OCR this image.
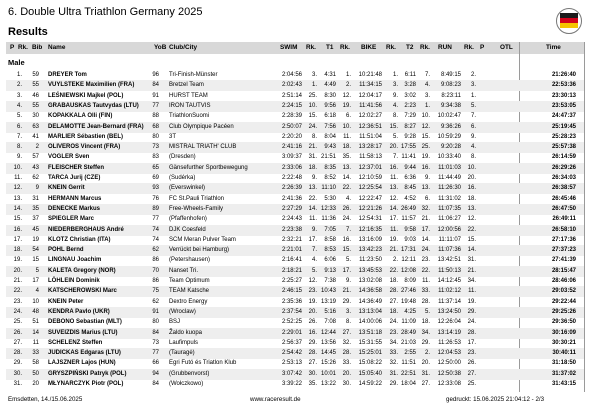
6. Double Ultra Triathlon Germany 2025
Results
P Rk. Bib Name	YoB Club/City	SWIM Rk. T1 Rk. BIKE Rk. T2 Rk. RUN Rk. P OTL	Time
Male
1. 59 DREYER Tom	96 Tri-Finish-Münster	2:04:56 3. 4:31 1. 10:21:48 1. 6:11 7. 8:49:15 2.	21:26:40
2. 55 VUYLSTEKE Maximilien (FRA)	84 Bretzel Team	2:02:43 1. 4:49 2. 11:34:15 3. 3:28 4. 9:08:23 3.	22:53:36
3. 46 LEŚNIEWSKI Majkel (POL)	91 HURST TEAM	2:51:14 25. 8:30 12. 12:04:17 9. 3:02 3. 8:23:11 1.	23:30:13
4. 55 GRABAUSKAS Tautvydas (LTU) 77 IRON TAUTVIS	2:24:15 10. 9:56 19. 11:41:56 4. 2:23 1. 9:34:38 5.	23:53:05
5. 30 KOPAKKALA Olli (FIN)	88 TriathlonSuomi	2:28:39 15. 6:18 6. 12:02:27 8. 7:29 10. 10:02:47 7.	24:47:37
6. 63 DELAMOTTE Jean-Bernard (FRA) 68 Club Olympique Pacéen	2:50:07 24. 7:56 10. 12:36:51 15. 8:27 12. 9:36:26 6.	25:19:45
7. 41 MARLIER Sébastien (BEL)	80 3T	2:20:20 8. 8:04 11. 11:51:04 5. 9:28 15. 10:59:29 9.	25:28:23
8. 2 OLIVEROS Vincent (FRA)	73 MISTRAL TRIATH' CLUB	2:41:16 21. 9:43 18. 13:28:17 20. 17:55 25. 9:20:28 4.	25:57:38
9. 57 VOGLER Sven	83 (Dresden)	3:09:37 31. 21:51 35. 11:58:13 7. 11:41 19. 10:33:40 8.	26:14:59
10. 43 FLEISCHER Steffen	65 Gänsefurther Sportbewegung	2:33:06 18. 8:35 13. 12:37:01 16. 9:44 16. 11:01:03 10.	26:29:26
11. 62 TARCA Jurij (CZE)	69 (Sudérka)	2:22:48 9. 8:52 14. 12:10:59 11. 6:36 9. 11:44:49 20.	26:34:03
12. 9 KNEIN Gerrit	93 (Everswinkel)	2:26:39 13. 11:10 22. 12:25:54 13. 8:45 13. 11:26:30 16.	26:38:57
13. 31 HERMANN Marcus	76 FC St.Pauli Triathlon	2:41:36 22. 5:30 4. 12:22:47 12. 4:52 6. 11:31:02 18.	26:45:46
14. 35 DENECKE Markus	89 Free-Wheels-Family	2:27:29 14. 12:33 26. 12:21:26 14. 26:49 32. 11:07:35 13.	26:47:50
15. 37 SPIEGLER Marc	77 (Pfaffenhofen)	2:24:43 11. 11:36 24. 12:54:31 17. 11:57 21. 11:06:27 12.	26:49:11
16. 45 NIEDERBERGHAUS André	74 DJK Coesfeld	2:23:38 9. 7:05 7. 12:16:35 11. 9:58 17. 12:00:56 22.	26:58:10
17. 19 KLOTZ Christian (ITA)	74 SCM Meran Pulver Team	2:32:21 17. 8:58 16. 13:16:09 19. 9:03 14. 11:11:07 15.	27:17:36
18. 54 POHL Bernd	62 Verrückt bei Hamburg)	2:21:01 7. 8:53 15. 13:42:23 21. 17:31 24. 11:07:36 14.	27:37:23
19. 15 LINGNAU Joachim	86 (Petershausen)	2:16:41 4. 6:06 5. 11:23:50 2. 12:11 23. 13:42:51 31.	27:41:39
20. 5 KALETA Gregory (NOR)	70 Nanset Tri.	2:18:21 5. 9:13 17. 13:45:53 22. 12:08 22. 11:50:13 21.	28:15:47
21. 17 LÖHLEIN Dominik	86 Team Optimum	2:25:27 12. 7:38 9. 13:02:08 18. 8:09 11. 14:12:45 34.	28:46:06
22. 4 KATSCHEROWSKI Marc	75 TEAM Katsche	2:46:15 23. 10:43 21. 14:36:58 28. 27:46 33. 11:02:12 11.	29:03:52
23. 10 KNEIN Peter	62 Dextro Energy	2:35:36 19. 13:19 29. 14:36:49 27. 19:48 28. 11:37:14 19.	29:22:44
24. 48 KENDRA Pavlo (UKR)	91 (Wroclaw)	2:37:54 20. 5:16 3. 13:13:04 18. 4:25 5. 13:24:50 29.	29:25:26
25. 51 DEBONO Sebastian (MLT)	80 BSJ	2:52:25 26. 7:08 8. 14:00:06 24. 11:09 18. 12:26:04 24.	29:36:50
26. 14 SUVEIZDIS Marius (LTU)	84 Žaldo kuopa	2:29:01 16. 12:44 27. 13:51:18 23. 28:49 34. 13:14:19 28.	30:16:09
27. 11 SCHELENZ Steffen	73 Laufimpuls	2:56:37 29. 13:56 32. 15:31:55 34. 21:03 29. 11:26:53 17.	30:30:21
28. 33 JUDICKAS Edgaras (LTU)	77 (Tauragė)	2:54:42 28. 14:45 28. 15:25:01 33. 2:55 2. 12:04:53 23.	30:40:11
29. 58 LAJSZNER Lajos (HUN)	66 Egri Futó és Triatlon Klub	2:53:13 27. 15:26 33. 15:08:22 32. 11:51 20. 12:50:00 26.	31:18:50
30. 50 GRYSZPIŃSKI Patryk (POL)	94 (Grubbenvorst)	3:07:42 30. 10:01 20. 15:05:40 31. 22:51 31. 12:50:38 27.	31:37:02
31. 20 MŁYNARCZYK Piotr (POL)	84 (Wołczkowo)	3:39:22 35. 13:22 30. 14:59:22 29. 18:04 27. 12:33:08 25.	31:43:15
Emsdetten, 14./15.06.2025	www.raceresult.de	gedruckt: 15.06.2025 21:04:12 - 2/3
